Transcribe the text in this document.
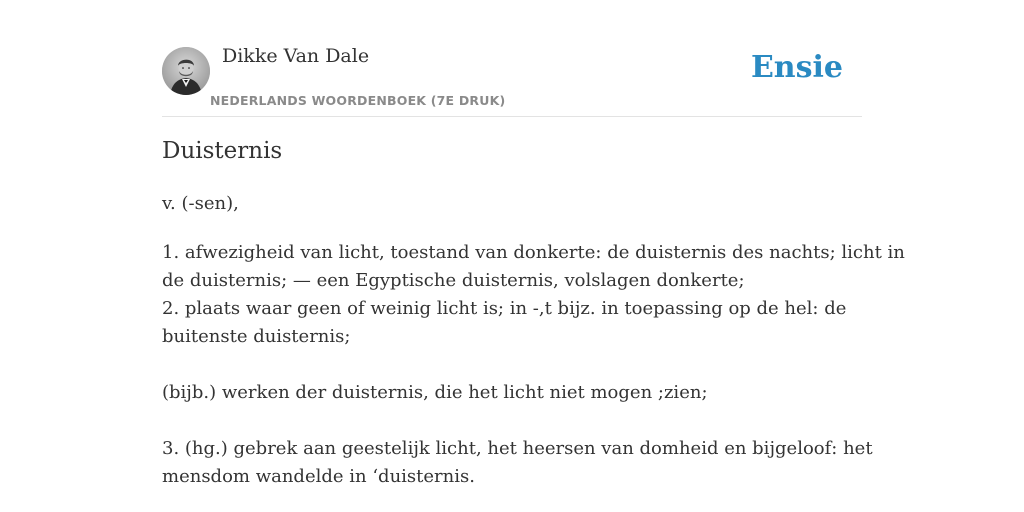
Dikke Van Dale
NEDERLANDS WOORDENBOEK (7E DRUK)
Ensie
Duisternis
v. (-sen),
1. afwezigheid van licht, toestand van donkerte: de duisternis des nachts; licht in
de duisternis; — een Egyptische duisternis, volslagen donkerte;
2. plaats waar geen of weinig licht is; in -,t bijz. in toepassing op de hel: de
buitenste duisternis;
(bijb.) werken der duisternis, die het licht niet mogen ;zien;
3. (hg.) gebrek aan geestelijk licht, het heersen van domheid en bijgeloof: het
mensdom wandelde in ‘duisternis.
